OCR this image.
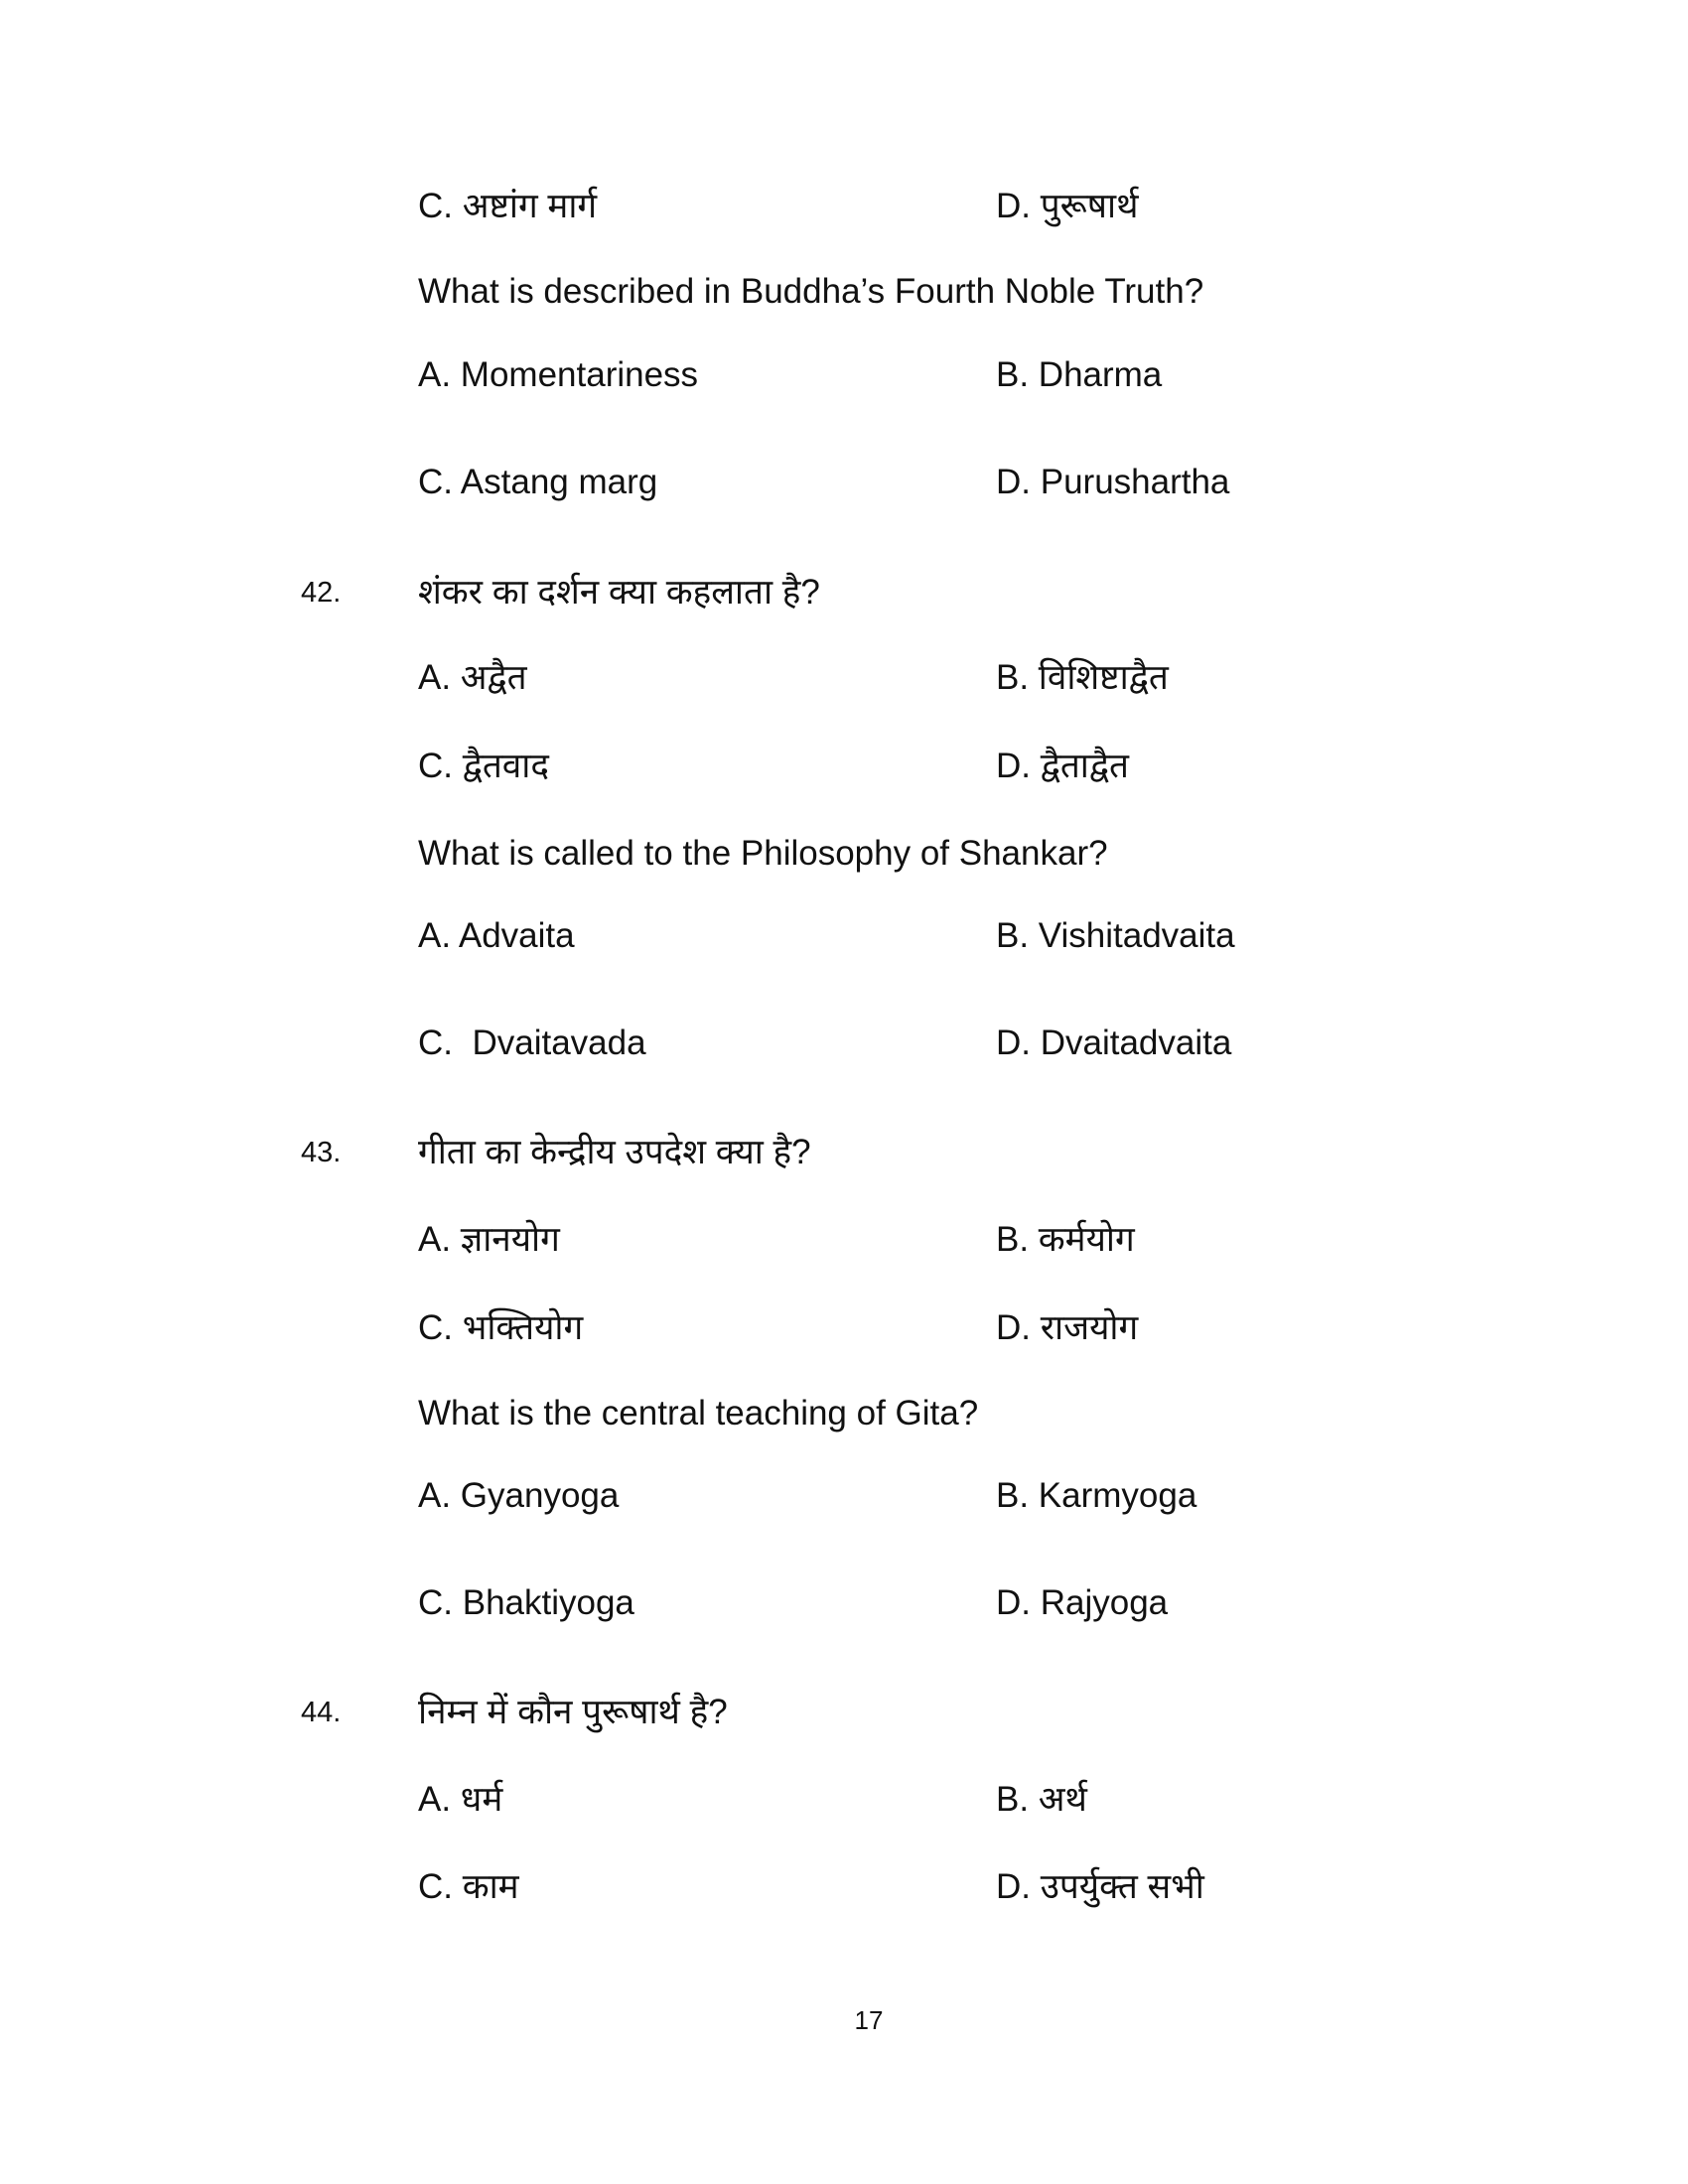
C. अष्टांग मार्ग	D. पुरूषार्थ
What is described in Buddha’s Fourth Noble Truth?
A. Momentariness	B. Dharma
C. Astang marg	D. Purushartha
42. शंकर का दर्शन क्या कहलाता है?
A. अद्वैत	B. विशिष्टाद्वैत
C. द्वैतवाद	D. द्वैताद्वैत
What is called to the Philosophy of Shankar?
A. Advaita	B. Vishitadvaita
C.  Dvaitavada	D. Dvaitadvaita
43. गीता का केन्द्रीय उपदेश क्या है?
A. ज्ञानयोग	B. कर्मयोग
C. भक्तियोग	D. राजयोग
What is the central teaching of Gita?
A. Gyanyoga	B. Karmyoga
C. Bhaktiyoga	D. Rajyoga
44. निम्न में कौन पुरूषार्थ है?
A. धर्म	B. अर्थ
C. काम	D. उपर्युक्त सभी
17
